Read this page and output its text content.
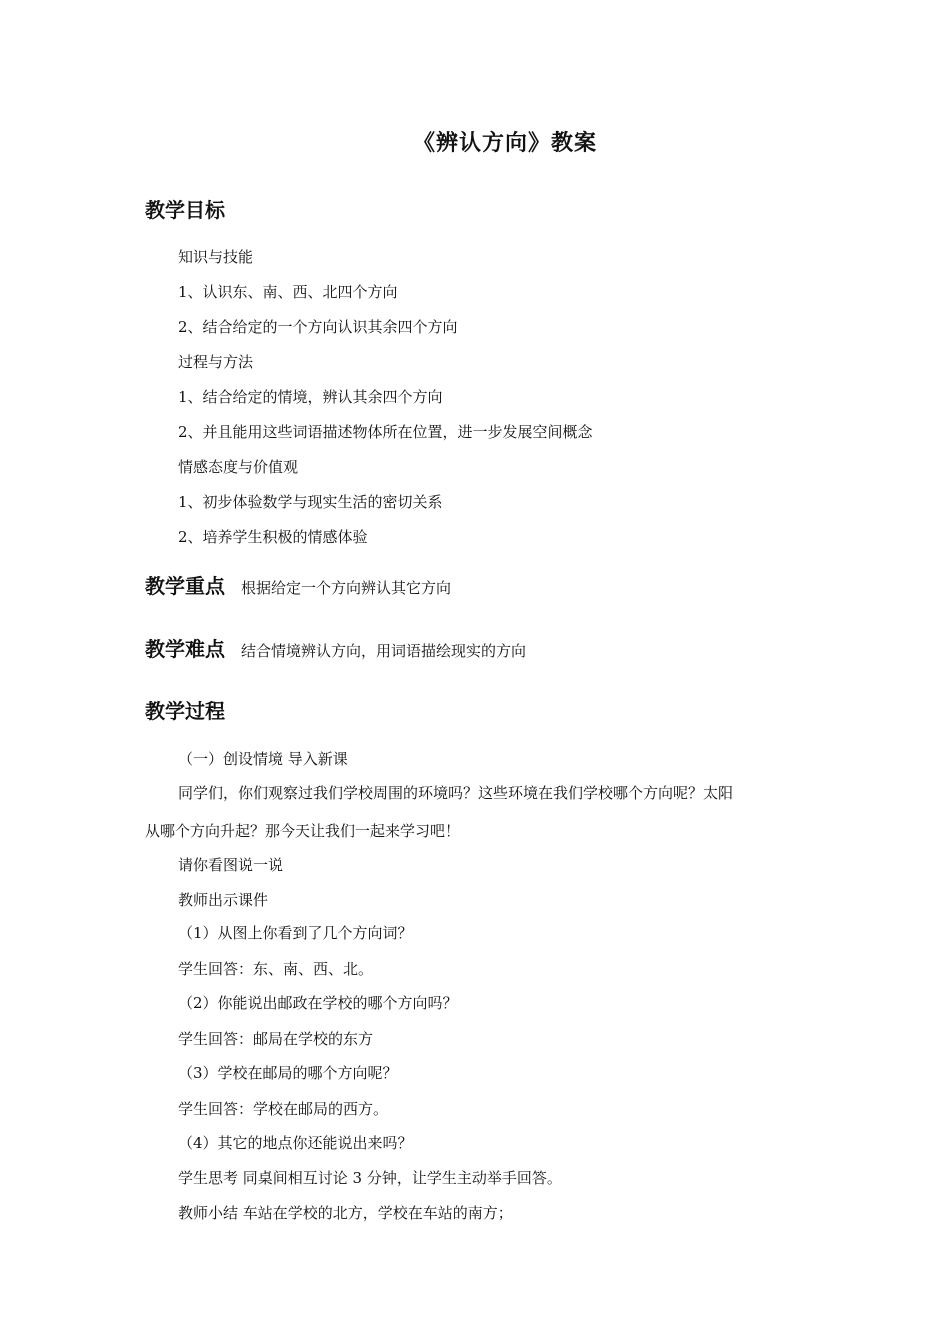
《辨认方向》教案
教学目标
知识与技能
1、认识东、南、西、北四个方向
2、结合给定的一个方向认识其余四个方向
过程与方法
1、结合给定的情境，辨认其余四个方向
2、并且能用这些词语描述物体所在位置，进一步发展空间概念
情感态度与价值观
1、初步体验数学与现实生活的密切关系
2、培养学生积极的情感体验
教学重点 根据给定一个方向辨认其它方向
教学难点 结合情境辨认方向，用词语描绘现实的方向
教学过程
（一）创设情境 导入新课
同学们，你们观察过我们学校周围的环境吗？这些环境在我们学校哪个方向呢？太阳
从哪个方向升起？那今天让我们一起来学习吧！
请你看图说一说
教师出示课件
（1）从图上你看到了几个方向词？
学生回答：东、南、西、北。
（2）你能说出邮政在学校的哪个方向吗？
学生回答：邮局在学校的东方
（3）学校在邮局的哪个方向呢？
学生回答：学校在邮局的西方。
（4）其它的地点你还能说出来吗？
学生思考 同桌间相互讨论 3 分钟，让学生主动举手回答。
教师小结 车站在学校的北方，学校在车站的南方；
